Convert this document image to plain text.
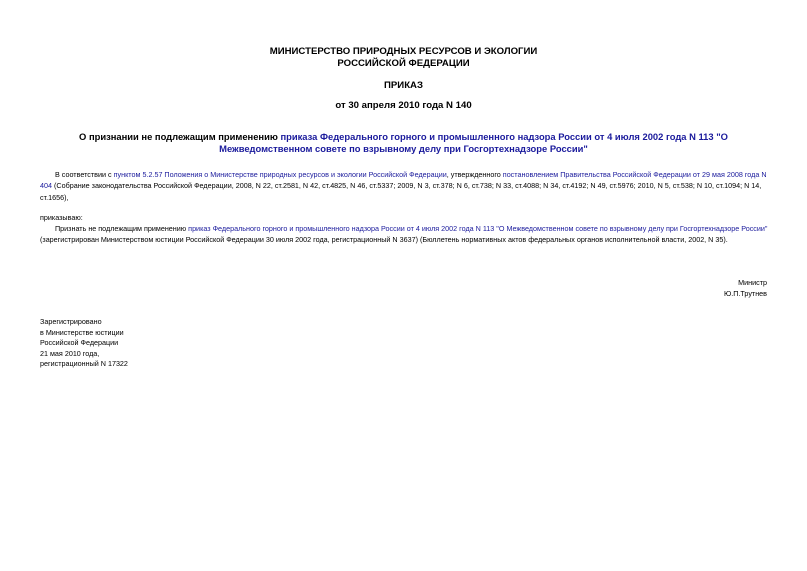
МИНИСТЕРСТВО ПРИРОДНЫХ РЕСУРСОВ И ЭКОЛОГИИ
РОССИЙСКОЙ ФЕДЕРАЦИИ
ПРИКАЗ
от 30 апреля 2010 года N 140
О признании не подлежащим применению приказа Федерального горного и промышленного надзора России от 4 июля 2002 года N 113 "О Межведомственном совете по взрывному делу при Госгортехнадзоре России"
В соответствии с пунктом 5.2.57 Положения о Министерстве природных ресурсов и экологии Российской Федерации, утвержденного постановлением Правительства Российской Федерации от 29 мая 2008 года N 404 (Собрание законодательства Российской Федерации, 2008, N 22, ст.2581, N 42, ст.4825, N 46, ст.5337; 2009, N 3, ст.378; N 6, ст.738; N 33, ст.4088; N 34, ст.4192; N 49, ст.5976; 2010, N 5, ст.538; N 10, ст.1094; N 14, ст.1656),
приказываю:
Признать не подлежащим применению приказ Федерального горного и промышленного надзора России от 4 июля 2002 года N 113 "О Межведомственном совете по взрывному делу при Госгортехнадзоре России" (зарегистрирован Министерством юстиции Российской Федерации 30 июля 2002 года, регистрационный N 3637) (Бюллетень нормативных актов федеральных органов исполнительной власти, 2002, N 35).
Министр
Ю.П.Трутнев
Зарегистрировано
в Министерстве юстиции
Российской Федерации
21 мая 2010 года,
регистрационный N 17322
